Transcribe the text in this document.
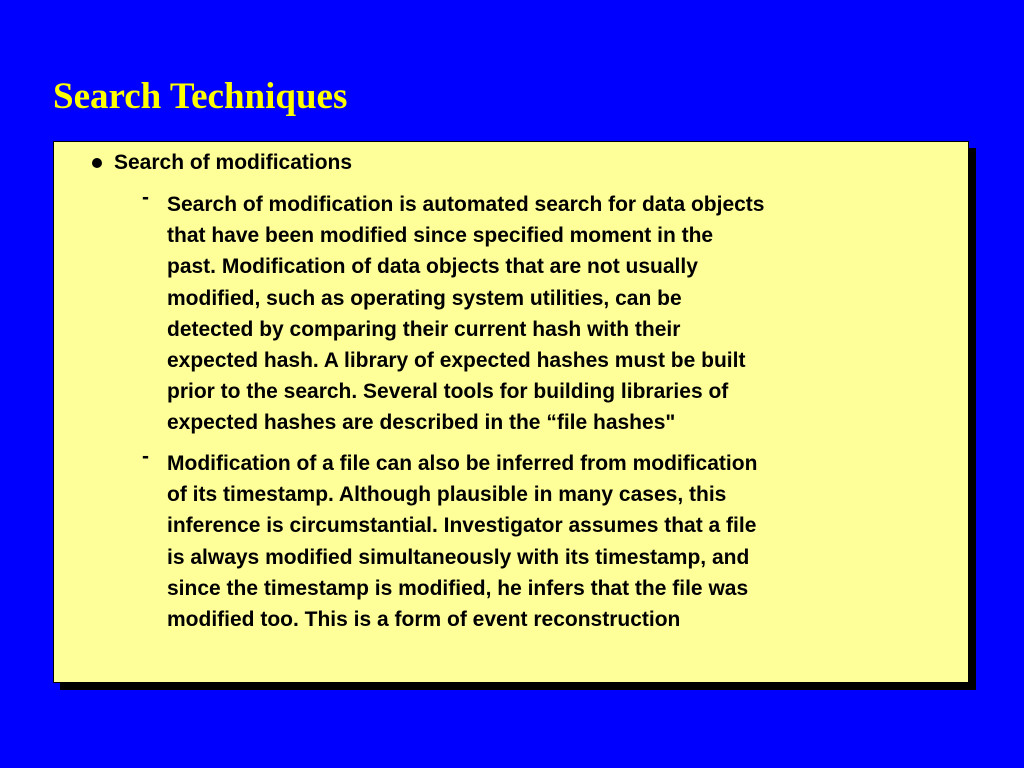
Search Techniques
Search of modifications
- Search of modification is automated search for data objects
that have been modified since specified moment in the
past. Modification of data objects that are not usually
modified, such as operating system utilities, can be
detected by comparing their current hash with their
expected hash. A library of expected hashes must be built
prior to the search. Several tools for building libraries of
expected hashes are described in the “file hashes"
- Modification of a file can also be inferred from modification
of its timestamp. Although plausible in many cases, this
inference is circumstantial. Investigator assumes that a file
is always modified simultaneously with its timestamp, and
since the timestamp is modified, he infers that the file was
modified too. This is a form of event reconstruction
